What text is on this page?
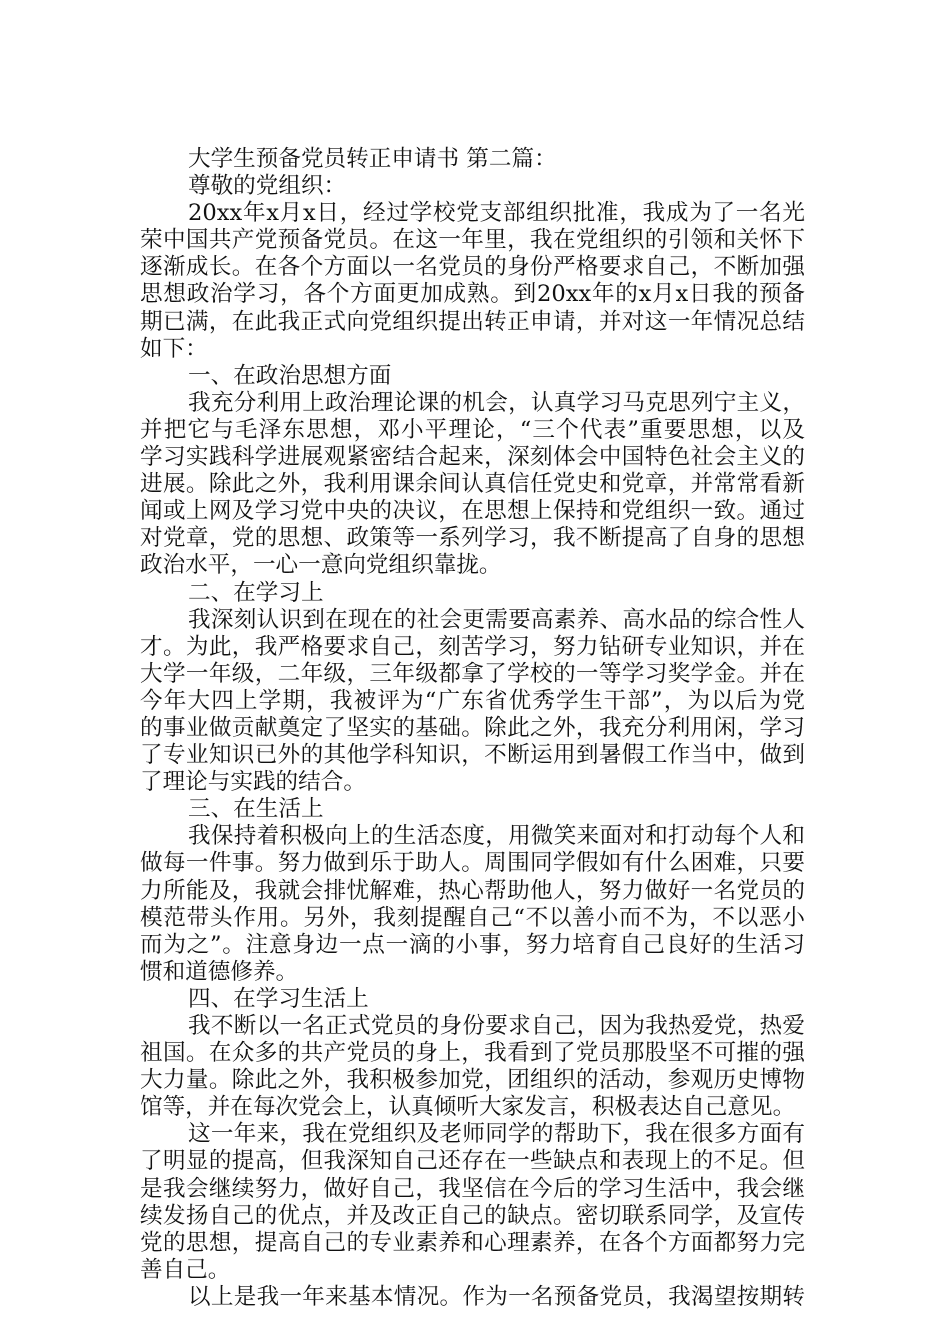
大学生预备党员转正申请书 第二篇：

尊敬的党组织：

20xx年x月x日，经过学校党支部组织批准，我成为了一名光

荣中国共产党预备党员。在这一年里，我在党组织的引领和关怀下

逐渐成长。在各个方面以一名党员的身份严格要求自己，不断加强

思想政治学习，各个方面更加成熟。到20xx年的x月x日我的预备

期已满，在此我正式向党组织提出转正申请，并对这一年情况总结

如下：

一、在政治思想方面

我充分利用上政治理论课的机会，认真学习马克思列宁主义，

并把它与毛泽东思想，邓小平理论，“三个代表”重要思想，以及

学习实践科学进展观紧密结合起来，深刻体会中国特色社会主义的

进展。除此之外，我利用课余间认真信任党史和党章，并常常看新

闻或上网及学习党中央的决议，在思想上保持和党组织一致。通过

对党章，党的思想、政策等一系列学习，我不断提高了自身的思想

政治水平，一心一意向党组织靠拢。

二、在学习上

我深刻认识到在现在的社会更需要高素养、高水品的综合性人

才。为此，我严格要求自己，刻苦学习，努力钻研专业知识，并在

大学一年级，二年级，三年级都拿了学校的一等学习奖学金。并在

今年大四上学期，我被评为“广东省优秀学生干部”，为以后为党

的事业做贡献奠定了坚实的基础。除此之外，我充分利用闲，学习

了专业知识已外的其他学科知识，不断运用到暑假工作当中，做到

了理论与实践的结合。

三、在生活上

我保持着积极向上的生活态度，用微笑来面对和打动每个人和

做每一件事。努力做到乐于助人。周围同学假如有什么困难，只要

力所能及，我就会排忧解难，热心帮助他人，努力做好一名党员的

模范带头作用。另外，我刻提醒自己“不以善小而不为，不以恶小

而为之”。注意身边一点一滴的小事，努力培育自己良好的生活习

惯和道德修养。

四、在学习生活上

我不断以一名正式党员的身份要求自己，因为我热爱党，热爱

祖国。在众多的共产党员的身上，我看到了党员那股坚不可摧的强

大力量。除此之外，我积极参加党，团组织的活动，参观历史博物

馆等，并在每次党会上，认真倾听大家发言，积极表达自己意见。

这一年来，我在党组织及老师同学的帮助下，我在很多方面有

了明显的提高，但我深知自己还存在一些缺点和表现上的不足。但

是我会继续努力，做好自己，我坚信在今后的学习生活中，我会继

续发扬自己的优点，并及改正自己的缺点。密切联系同学，及宣传

党的思想，提高自己的专业素养和心理素养，在各个方面都努力完

善自己。

以上是我一年来基本情况。作为一名预备党员，我渴望按期转
